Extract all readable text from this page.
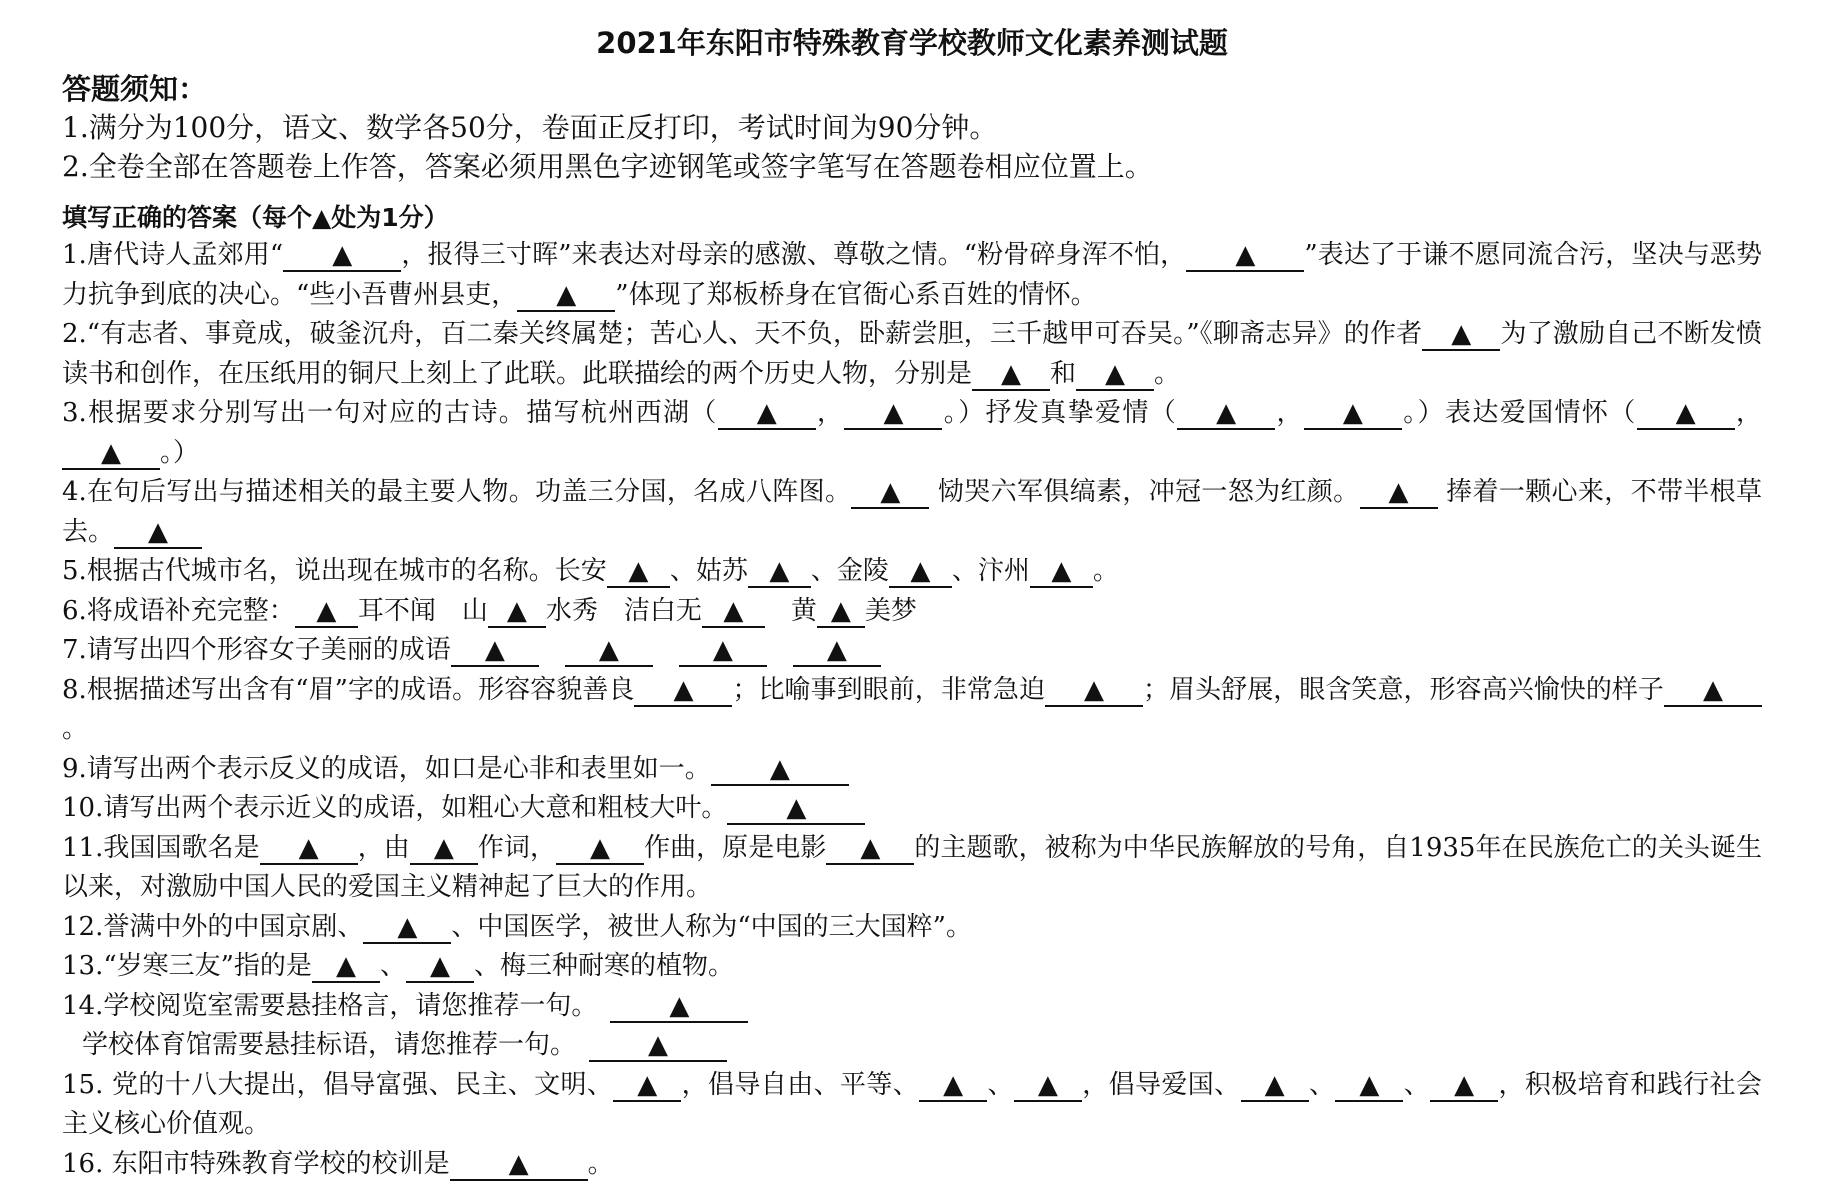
2021年东阳市特殊教育学校教师文化素养测试题
答题须知：
1.满分为100分，语文、数学各50分，卷面正反打印，考试时间为90分钟。
2.全卷全部在答题卷上作答，答案必须用黑色字迹钢笔或签字笔写在答题卷相应位置上。
填写正确的答案（每个▲处为1分）
1.唐代诗人孟郊用“ ▲ ，报得三寸晖”来表达对母亲的感激、尊敬之情。“粉骨碎身浑不怕， ▲ ”表达了于谦不愿同流合污，坚决与恶势力抗争到底的决心。“些小吾曹州县吏， ▲ ”体现了郑板桥身在官衙心系百姓的情怀。
2.“有志者、事竟成，破釜沉舟，百二秦关终属楚；苦心人、天不负，卧薪尝胆，三千越甲可吞吴。”《聊斋志异》的作者 ▲ 为了激励自己不断发愤读书和创作，在压纸用的铜尺上刻上了此联。此联描绘的两个历史人物，分别是 ▲ 和 ▲ 。
3.根据要求分别写出一句对应的古诗。描写杭州西湖（ ▲ ， ▲ 。）抒发真挚爱情（ ▲ ， ▲ 。）表达爱国情怀（ ▲ ，▲ 。）
4.在句后写出与描述相关的最主要人物。功盖三分国，名成八阵图。 ▲ 恸哭六军俱缟素，冲冠一怒为红颜。 ▲ 捧着一颗心来，不带半根草去。 ▲
5.根据古代城市名，说出现在城市的名称。长安 ▲ 、姑苏 ▲ 、金陵 ▲ 、汴州 ▲ 。
6.将成语补充完整： ▲ 耳不闻　山 ▲ 水秀　洁白无 ▲　黄 ▲ 美梦
7.请写出四个形容女子美丽的成语 ▲　	▲　	▲　	▲
8.根据描述写出含有“眉”字的成语。形容容貌善良 ▲ ；比喻事到眼前，非常急迫 ▲ ；眉头舒展，眼含笑意，形容高兴愉快的样子 ▲。
9.请写出两个表示反义的成语，如口是心非和表里如一。 ▲
10.请写出两个表示近义的成语，如粗心大意和粗枝大叶。 ▲
11.我国国歌名是 ▲ ，由 ▲ 作词， ▲ 作曲，原是电影 ▲ 的主题歌，被称为中华民族解放的号角，自1935年在民族危亡的关头诞生以来，对激励中国人民的爱国主义精神起了巨大的作用。
12.誉满中外的中国京剧、 ▲ 、中国医学，被世人称为“中国的三大国粹”。
13.“岁寒三友”指的是 ▲ 、 ▲ 、梅三种耐寒的植物。
14.学校阅览室需要悬挂格言，请您推荐一句。　▲
学校体育馆需要悬挂标语，请您推荐一句。　▲
15. 党的十八大提出，倡导富强、民主、文明、 ▲ ，倡导自由、平等、 ▲ 、 ▲ ，倡导爱国、 ▲ 、 ▲ 、 ▲ ，积极培育和践行社会主义核心价值观。
16. 东阳市特殊教育学校的校训是 ▲ 。
